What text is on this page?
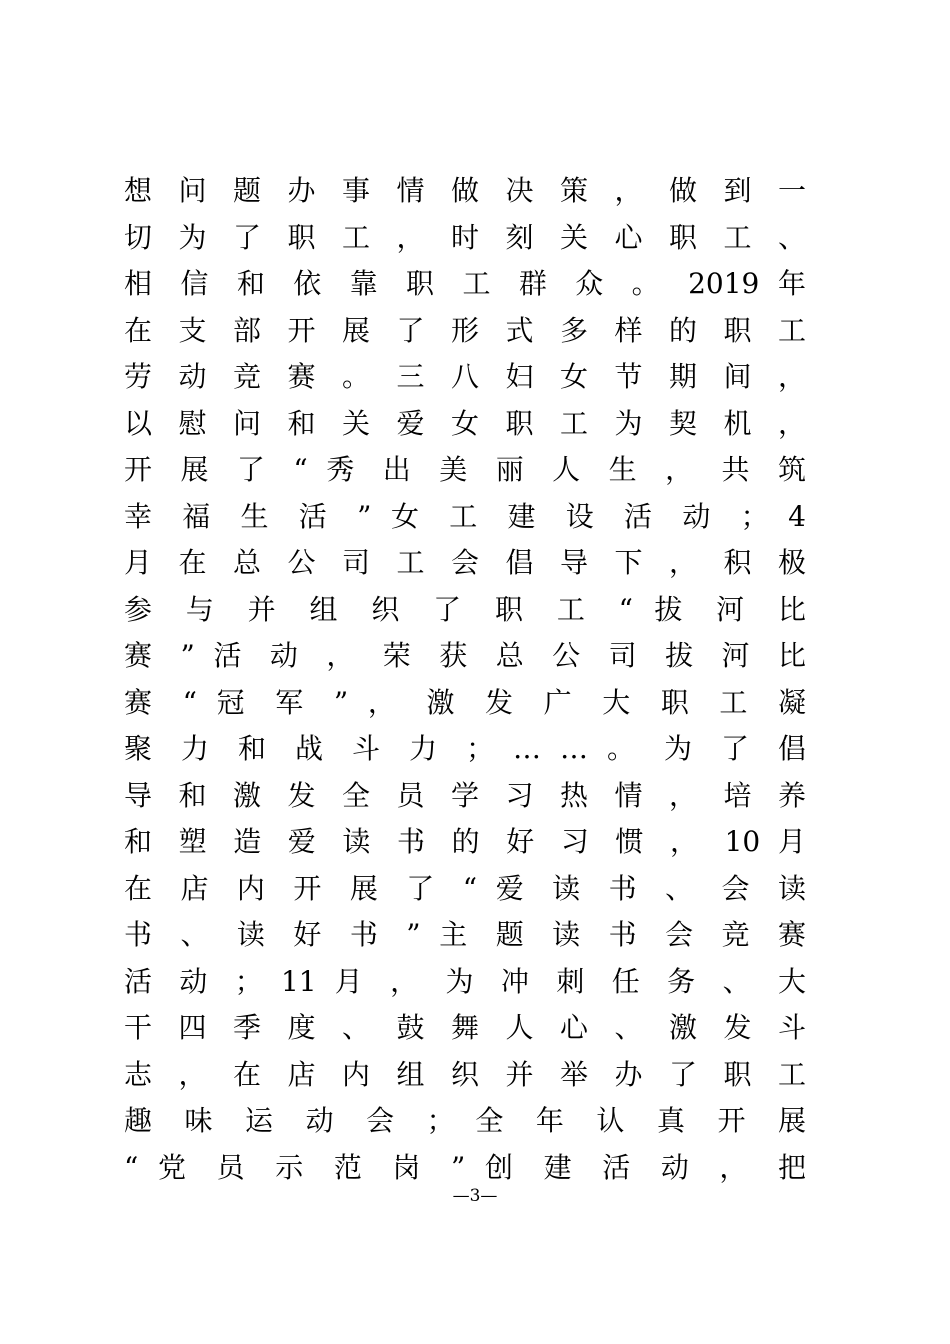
想 问 题 办 事 情 做 决 策 ， 做 到 一
切 为 了 职 工 ， 时 刻 关 心 职 工 、
相 信 和 依 靠 职 工 群 众 。 2019 年
在 支 部 开 展 了 形 式 多 样 的 职 工
劳 动 竞 赛 。 三 八 妇 女 节 期 间 ，
以 慰 问 和 关 爱 女 职 工 为 契 机 ，
开 展 了 “ 秀 出 美 丽 人 生 ， 共 筑
幸 福 生 活 ” 女 工 建 设 活 动 ； 4
月 在 总 公 司 工 会 倡 导 下 ， 积 极
参 与 并 组 织 了 职 工 “ 拔 河 比
赛 ” 活 动 ， 荣 获 总 公 司 拔 河 比
赛 “ 冠 军 ” ， 激 发 广 大 职 工 凝
聚 力 和 战 斗 力 ； … … 。 为 了 倡
导 和 激 发 全 员 学 习 热 情 ， 培 养
和 塑 造 爱 读 书 的 好 习 惯 ， 10 月
在 店 内 开 展 了 “ 爱 读 书 、 会 读
书 、 读 好 书 ” 主 题 读 书 会 竞 赛
活 动 ； 11 月 ， 为 冲 刺 任 务 、 大
干 四 季 度 、 鼓 舞 人 心 、 激 发 斗
志 ， 在 店 内 组 织 并 举 办 了 职 工
趣 味 运 动 会 ； 全 年 认 真 开 展
“ 党 员 示 范 岗 ” 创 建 活 动 ， 把
—3—
